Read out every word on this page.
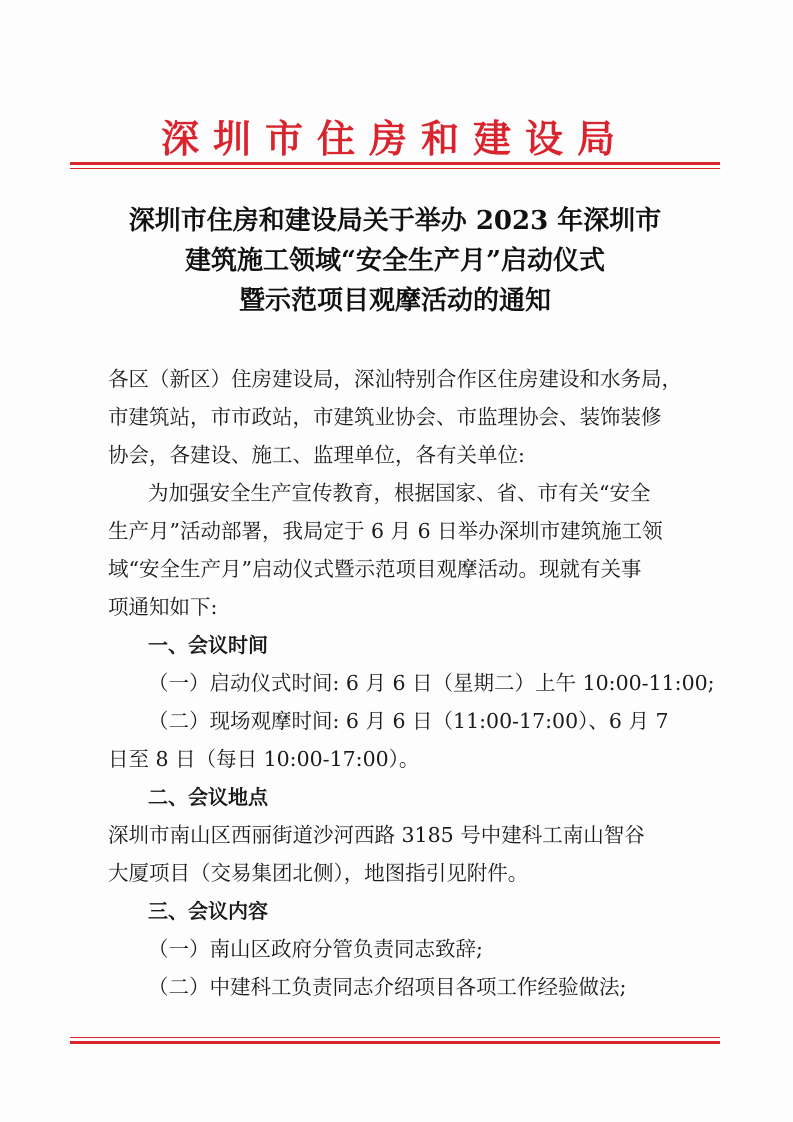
深圳市住房和建设局
深圳市住房和建设局关于举办 2023 年深圳市
建筑施工领域“安全生产月”启动仪式
暨示范项目观摩活动的通知
各区（新区）住房建设局，深汕特别合作区住房建设和水务局，
市建筑站，市市政站，市建筑业协会、市监理协会、装饰装修
协会，各建设、施工、监理单位，各有关单位:
为加强安全生产宣传教育，根据国家、省、市有关“安全
生产月”活动部署，我局定于 6 月 6 日举办深圳市建筑施工领
域“安全生产月”启动仪式暨示范项目观摩活动。现就有关事
项通知如下:
一、会议时间
（一）启动仪式时间: 6 月 6 日（星期二）上午 10:00-11:00;
（二）现场观摩时间: 6 月 6 日（11:00-17:00）、6 月 7
日至 8 日（每日 10:00-17:00）。
二、会议地点
深圳市南山区西丽街道沙河西路 3185 号中建科工南山智谷
大厦项目（交易集团北侧），地图指引见附件。
三、会议内容
（一）南山区政府分管负责同志致辞;
（二）中建科工负责同志介绍项目各项工作经验做法;
